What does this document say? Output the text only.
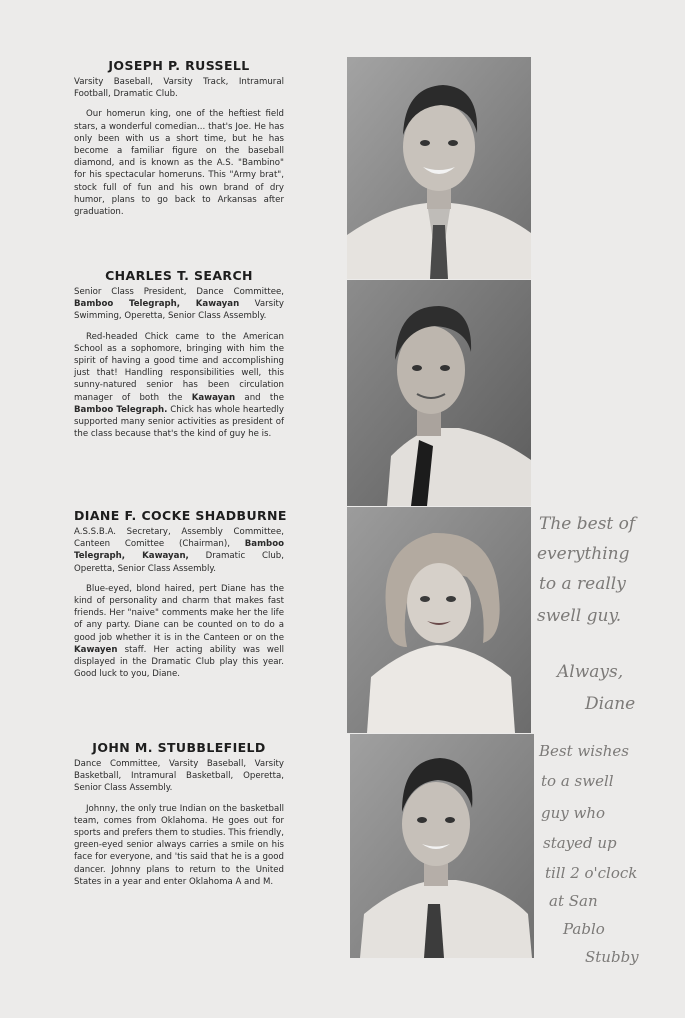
JOSEPH P. RUSSELL

Varsity Baseball, Varsity Track, Intramural Football, Dramatic Club.

Our homerun king, one of the heftiest field stars, a wonderful comedian... that's Joe. He has only been with us a short time, but he has become a familiar figure on the baseball diamond, and is known as the A.S. "Bambino" for his spectacular homeruns. This "Army brat", stock full of fun and his own brand of dry humor, plans to go back to Arkansas after graduation.

CHARLES T. SEARCH

Senior Class President, Dance Committee, Bamboo Telegraph, Kawayan Varsity Swimming, Operetta, Senior Class Assembly.

Red-headed Chick came to the American School as a sophomore, bringing with him the spirit of having a good time and accomplishing just that! Handling responsibilities well, this sunny-natured senior has been circulation manager of both the Kawayan and the Bamboo Telegraph. Chick has whole heartedly supported many senior activities as president of the class because that's the kind of guy he is.

DIANE F. COCKE SHADBURNE

A.S.S.B.A. Secretary, Assembly Committee, Canteen Comittee (Chairman), Bamboo Telegraph, Kawayan, Dramatic Club, Operetta, Senior Class Assembly.

Blue-eyed, blond haired, pert Diane has the kind of personality and charm that makes fast friends. Her "naive" comments make her the life of any party. Diane can be counted on to do a good job whether it is in the Canteen or on the Kawayen staff. Her acting ability was well displayed in the Dramatic Club play this year. Good luck to you, Diane.

JOHN M. STUBBLEFIELD

Dance Committee, Varsity Baseball, Varsity Basketball, Intramural Basketball, Operetta, Senior Class Assembly.

Johnny, the only true Indian on the basketball team, comes from Oklahoma. He goes out for sports and prefers them to studies. This friendly, green-eyed senior always carries a smile on his face for everyone, and 'tis said that he is a good dancer. Johnny plans to return to the United States in a year and enter Oklahoma A and M.

The best of
everything
to a really
swell guy.
Always,
Diane
Best wishes
to a swell
guy who
stayed up
till 2 o'clock
at San
Pablo
Stubby
